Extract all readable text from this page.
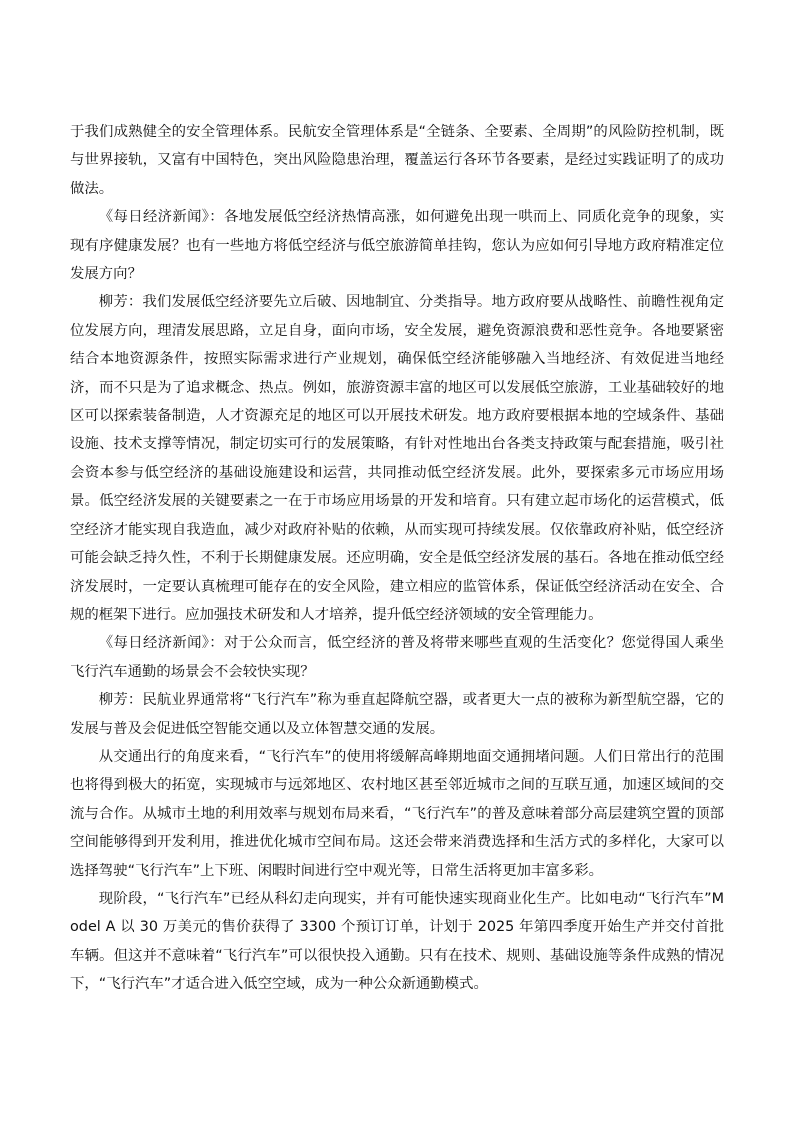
于我们成熟健全的安全管理体系。民航安全管理体系是“全链条、全要素、全周期”的风险防控机制，既与世界接轨，又富有中国特色，突出风险隐患治理，覆盖运行各环节各要素，是经过实践证明了的成功做法。

《每日经济新闻》：各地发展低空经济热情高涨，如何避免出现一哄而上、同质化竞争的现象，实现有序健康发展？也有一些地方将低空经济与低空旅游简单挂钩，您认为应如何引导地方政府精准定位发展方向？

柳芳：我们发展低空经济要先立后破、因地制宜、分类指导。地方政府要从战略性、前瞻性视角定位发展方向，理清发展思路，立足自身，面向市场，安全发展，避免资源浪费和恶性竞争。各地要紧密结合本地资源条件，按照实际需求进行产业规划，确保低空经济能够融入当地经济、有效促进当地经济，而不只是为了追求概念、热点。例如，旅游资源丰富的地区可以发展低空旅游，工业基础较好的地区可以探索装备制造，人才资源充足的地区可以开展技术研发。地方政府要根据本地的空域条件、基础设施、技术支撑等情况，制定切实可行的发展策略，有针对性地出台各类支持政策与配套措施，吸引社会资本参与低空经济的基础设施建设和运营，共同推动低空经济发展。此外，要探索多元市场应用场景。低空经济发展的关键要素之一在于市场应用场景的开发和培育。只有建立起市场化的运营模式，低空经济才能实现自我造血，减少对政府补贴的依赖，从而实现可持续发展。仅依靠政府补贴，低空经济可能会缺乏持久性，不利于长期健康发展。还应明确，安全是低空经济发展的基石。各地在推动低空经济发展时，一定要认真梳理可能存在的安全风险，建立相应的监管体系，保证低空经济活动在安全、合规的框架下进行。应加强技术研发和人才培养，提升低空经济领域的安全管理能力。

《每日经济新闻》：对于公众而言，低空经济的普及将带来哪些直观的生活变化？您觉得国人乘坐飞行汽车通勤的场景会不会较快实现？

柳芳：民航业界通常将“飞行汽车”称为垂直起降航空器，或者更大一点的被称为新型航空器，它的发展与普及会促进低空智能交通以及立体智慧交通的发展。

从交通出行的角度来看，“飞行汽车”的使用将缓解高峰期地面交通拥堵问题。人们日常出行的范围也将得到极大的拓宽，实现城市与远郊地区、农村地区甚至邻近城市之间的互联互通，加速区域间的交流与合作。从城市土地的利用效率与规划布局来看，“飞行汽车”的普及意味着部分高层建筑空置的顶部空间能够得到开发利用，推进优化城市空间布局。这还会带来消费选择和生活方式的多样化，大家可以选择驾驶“飞行汽车”上下班、闲暇时间进行空中观光等，日常生活将更加丰富多彩。

现阶段，“飞行汽车”已经从科幻走向现实，并有可能快速实现商业化生产。比如电动“飞行汽车”Model A 以 30 万美元的售价获得了 3300 个预订订单，计划于 2025 年第四季度开始生产并交付首批车辆。但这并不意味着“飞行汽车”可以很快投入通勤。只有在技术、规则、基础设施等条件成熟的情况下，“飞行汽车”才适合进入低空空域，成为一种公众新通勤模式。
